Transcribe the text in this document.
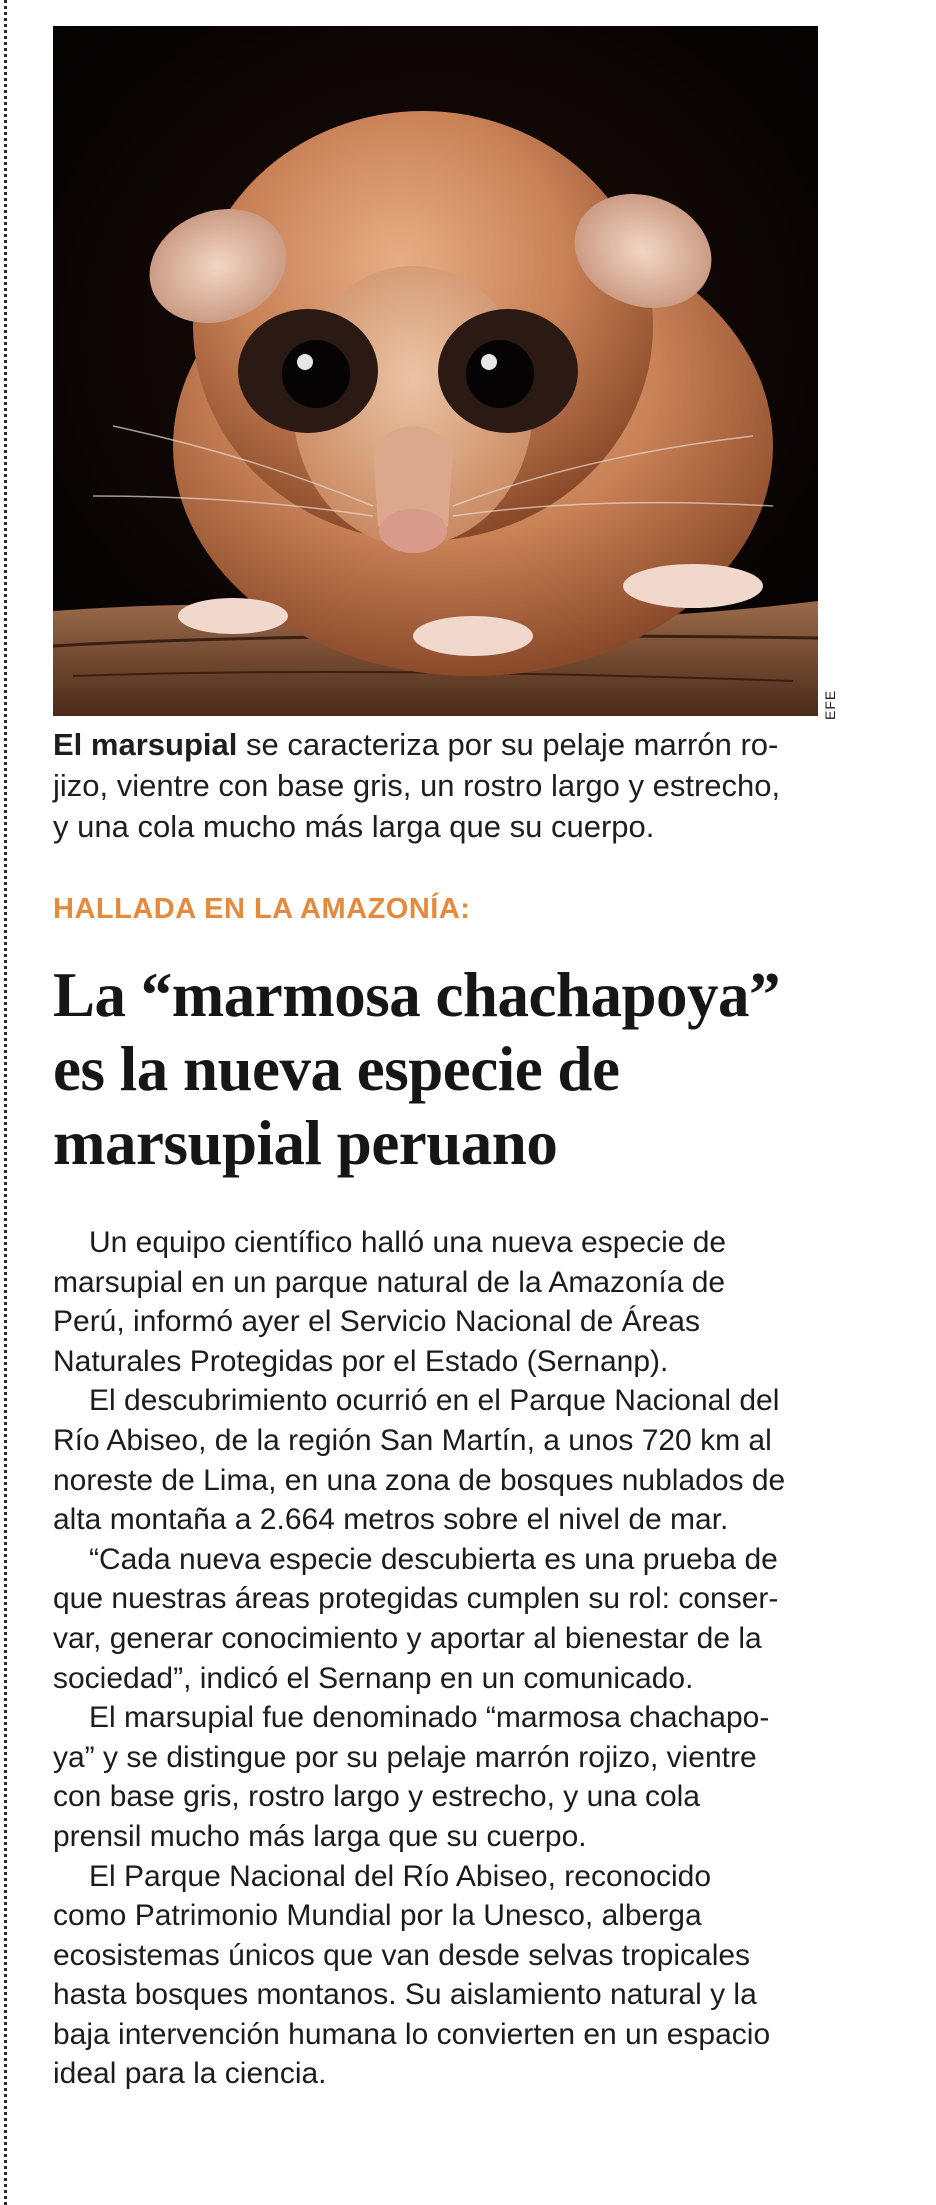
EFE
El marsupial se caracteriza por su pelaje marrón ro-
jizo, vientre con base gris, un rostro largo y estrecho,
y una cola mucho más larga que su cuerpo.
HALLADA EN LA AMAZONÍA:
La “marmosa chachapoya”
es la nueva especie de
marsupial peruano
Un equipo científico halló una nueva especie de
marsupial en un parque natural de la Amazonía de
Perú, informó ayer el Servicio Nacional de Áreas
Naturales Protegidas por el Estado (Sernanp).
El descubrimiento ocurrió en el Parque Nacional del
Río Abiseo, de la región San Martín, a unos 720 km al
noreste de Lima, en una zona de bosques nublados de
alta montaña a 2.664 metros sobre el nivel de mar.
“Cada nueva especie descubierta es una prueba de
que nuestras áreas protegidas cumplen su rol: conser-
var, generar conocimiento y aportar al bienestar de la
sociedad”, indicó el Sernanp en un comunicado.
El marsupial fue denominado “marmosa chachapo-
ya” y se distingue por su pelaje marrón rojizo, vientre
con base gris, rostro largo y estrecho, y una cola
prensil mucho más larga que su cuerpo.
El Parque Nacional del Río Abiseo, reconocido
como Patrimonio Mundial por la Unesco, alberga
ecosistemas únicos que van desde selvas tropicales
hasta bosques montanos. Su aislamiento natural y la
baja intervención humana lo convierten en un espacio
ideal para la ciencia.
